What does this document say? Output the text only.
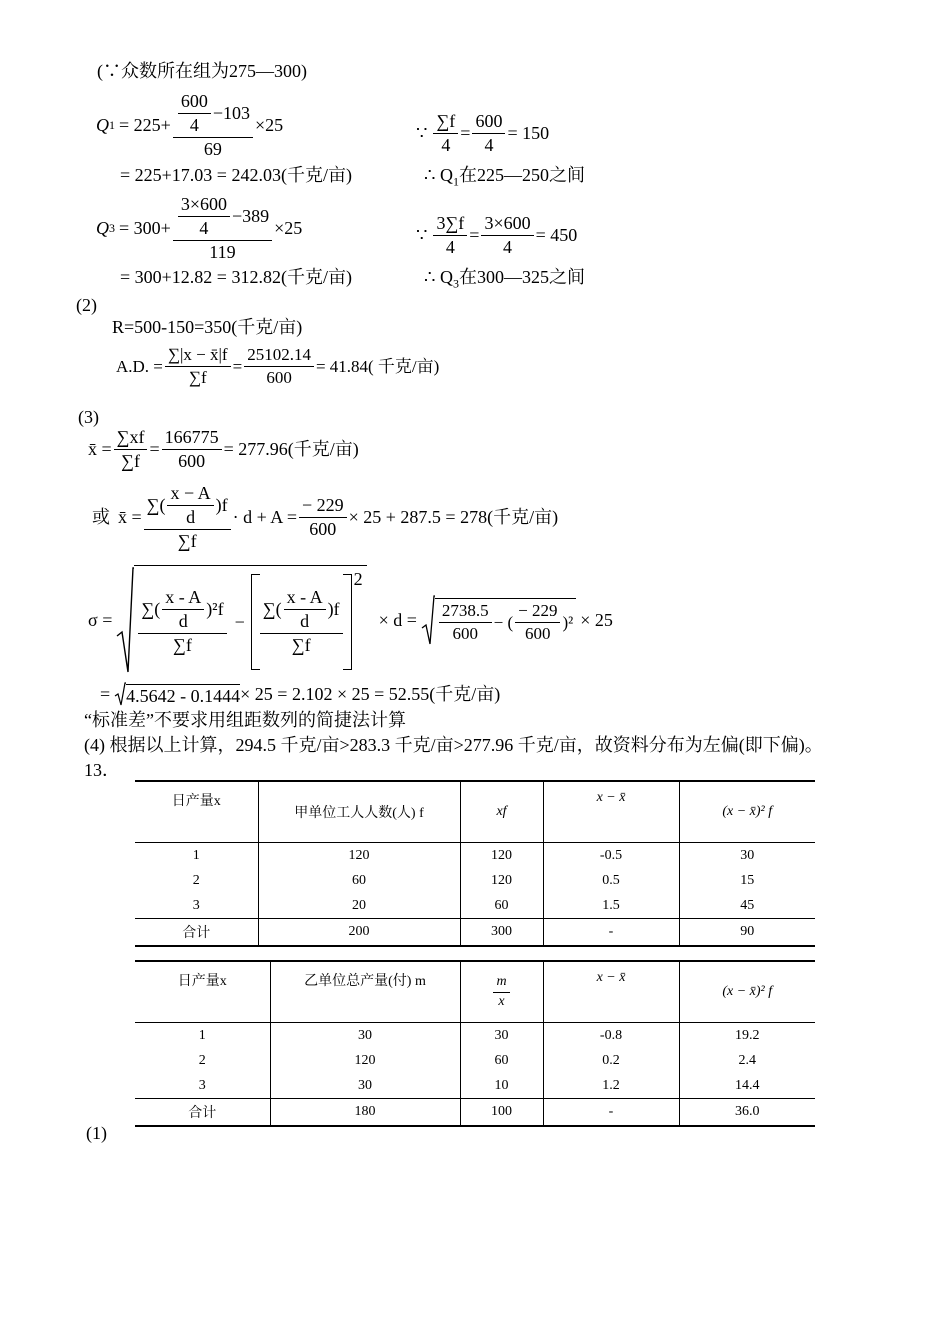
(∵众数所在组为275—300)
Q $1 = 225+ \frac{\frac{600}{4} -103}{69} \times 25$
= 225+17.03 = 242.03(千克/亩)
∵ $\frac{\sum f}{4} = \frac{600}{4} = 150$
∴ $Q_1$在225—250之间
Q $3 = 300+ \frac{\frac{3\times 600}{4} -389}{119} \times 25$
= 300+12.82 = 312.82(千克/亩)
∵ $\frac{3\sum f}{4} = \frac{3\times 600}{4} = 450$
∴ $Q_3$在300—325之间
(2)
R=500-150=350(千克/亩)
A.D. = $\frac{\sum|x - x̄|f}{\sum f} = \frac{25102.14}{600} = 41.84$( 千克/亩)
(3)
x̄ = $\frac{\sum xf}{\sum f} = \frac{166775}{600} = 277.96$(千克/亩)
或 x̄ = $\frac{\sum( \frac{x - A}{d} )f}{\sum f} \cdot d + A = \frac{- 229}{600} \times 25 + 287.5 = 278$(千克/亩)
$\sigma = \frac{\sum( \frac{x - A}{d} )^2f}{\sum f} - \frac{\sum( \frac{x - A}{d} )f}{\sum f}$
2
× $d = \frac{2738.5}{600}$ − ( $\frac{- 229}{600} )^2 \times 25$
= 4.5642 - 0.1444 × 25 = 2.102 × 25 = 52.55(千克/亩)
“标准差”不要求用组距数列的简捷法计算
(4) 根据以上计算，294.5 千克/亩>283.3 千克/亩>277.96 千克/亩，故资料分布为左偏(即下偏)。
13．
日产量x	甲单位工人人数(人) f	xf	x − x̄	(x − x̄)² f
1	120	120	-0.5	30
2	60	120	0.5	15
3	20	60	1.5	45
合计	200	300	-	90
日产量x	乙单位总产量(付) m	$\frac{m}{x}$	x − x̄	(x − x̄)² f
1	30	30	-0.8	19.2
2	120	60	0.2	2.4
3	30	10	1.2	14.4
合计	180	100	-	36.0
(1)
